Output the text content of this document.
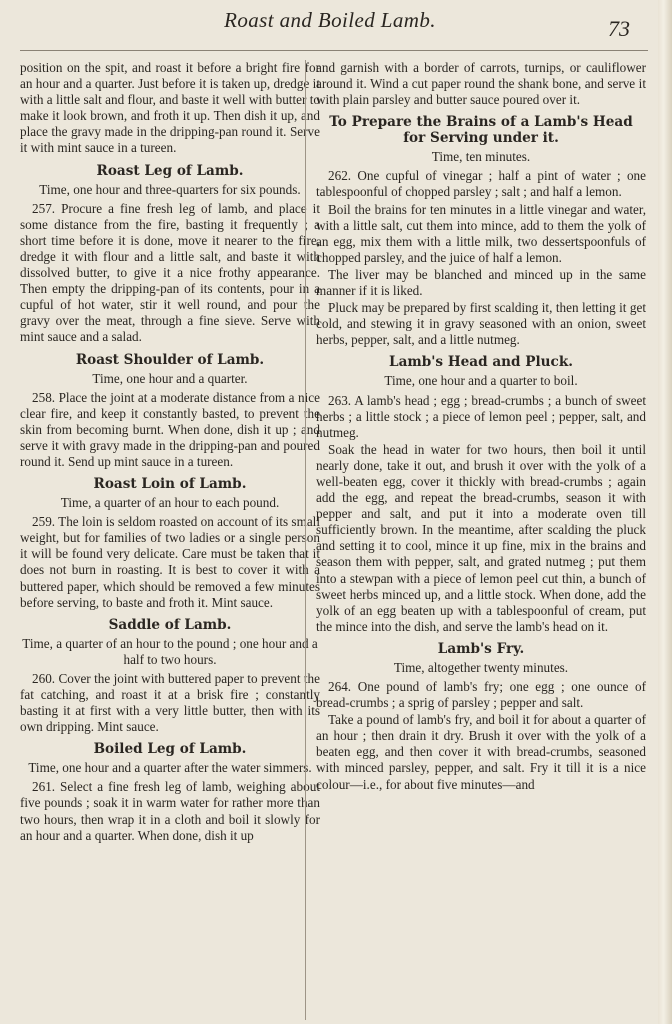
Roast and Boiled Lamb.	73

position on the spit, and roast it before a bright fire for an hour and a quarter. Just before it is taken up, dredge it with a little salt and flour, and baste it well with butter to make it look brown, and froth it up. Then dish it up, and place the gravy made in the dripping-pan round it. Serve it with mint sauce in a tureen.

Roast Leg of Lamb.

Time, one hour and three-quarters for six pounds.

257. Procure a fine fresh leg of lamb, and place it some distance from the fire, basting it frequently ; a short time before it is done, move it nearer to the fire, dredge it with flour and a little salt, and baste it with dissolved butter, to give it a nice frothy appearance. Then empty the dripping-pan of its contents, pour in a cupful of hot water, stir it well round, and pour the gravy over the meat, through a fine sieve. Serve with mint sauce and a salad.

Roast Shoulder of Lamb.

Time, one hour and a quarter.

258. Place the joint at a moderate distance from a nice clear fire, and keep it constantly basted, to prevent the skin from becoming burnt. When done, dish it up ; and serve it with gravy made in the dripping-pan and poured round it. Send up mint sauce in a tureen.

Roast Loin of Lamb.

Time, a quarter of an hour to each pound.

259. The loin is seldom roasted on account of its small weight, but for families of two ladies or a single person it will be found very delicate. Care must be taken that it does not burn in roasting. It is best to cover it with a buttered paper, which should be removed a few minutes before serving, to baste and froth it. Mint sauce.

Saddle of Lamb.

Time, a quarter of an hour to the pound ; one hour and a half to two hours.

260. Cover the joint with buttered paper to prevent the fat catching, and roast it at a brisk fire ; constantly basting it at first with a very little butter, then with its own dripping. Mint sauce.

Boiled Leg of Lamb.

Time, one hour and a quarter after the water simmers.

261. Select a fine fresh leg of lamb, weighing about five pounds ; soak it in warm water for rather more than two hours, then wrap it in a cloth and boil it slowly for an hour and a quarter. When done, dish it up

and garnish with a border of carrots, turnips, or cauliflower around it. Wind a cut paper round the shank bone, and serve it with plain parsley and butter sauce poured over it.

To Prepare the Brains of a Lamb's Head for Serving under it.

Time, ten minutes.

262. One cupful of vinegar ; half a pint of water ; one tablespoonful of chopped parsley ; salt ; and half a lemon.

Boil the brains for ten minutes in a little vinegar and water, with a little salt, cut them into mince, add to them the yolk of an egg, mix them with a little milk, two dessertspoonfuls of chopped parsley, and the juice of half a lemon.

The liver may be blanched and minced up in the same manner if it is liked.

Pluck may be prepared by first scalding it, then letting it get cold, and stewing it in gravy seasoned with an onion, sweet herbs, pepper, salt, and a little nutmeg.

Lamb's Head and Pluck.

Time, one hour and a quarter to boil.

263. A lamb's head ; egg ; bread-crumbs ; a bunch of sweet herbs ; a little stock ; a piece of lemon peel ; pepper, salt, and nutmeg.

Soak the head in water for two hours, then boil it until nearly done, take it out, and brush it over with the yolk of a well-beaten egg, cover it thickly with bread-crumbs ; again add the egg, and repeat the bread-crumbs, season it with pepper and salt, and put it into a moderate oven till sufficiently brown. In the meantime, after scalding the pluck and setting it to cool, mince it up fine, mix in the brains and season them with pepper, salt, and grated nutmeg ; put them into a stewpan with a piece of lemon peel cut thin, a bunch of sweet herbs minced up, and a little stock. When done, add the yolk of an egg beaten up with a tablespoonful of cream, put the mince into the dish, and serve the lamb's head on it.

Lamb's Fry.

Time, altogether twenty minutes.

264. One pound of lamb's fry; one egg ; one ounce of bread-crumbs ; a sprig of parsley ; pepper and salt.

Take a pound of lamb's fry, and boil it for about a quarter of an hour ; then drain it dry. Brush it over with the yolk of a beaten egg, and then cover it with bread-crumbs, seasoned with minced parsley, pepper, and salt. Fry it till it is a nice colour—i.e., for about five minutes—and
